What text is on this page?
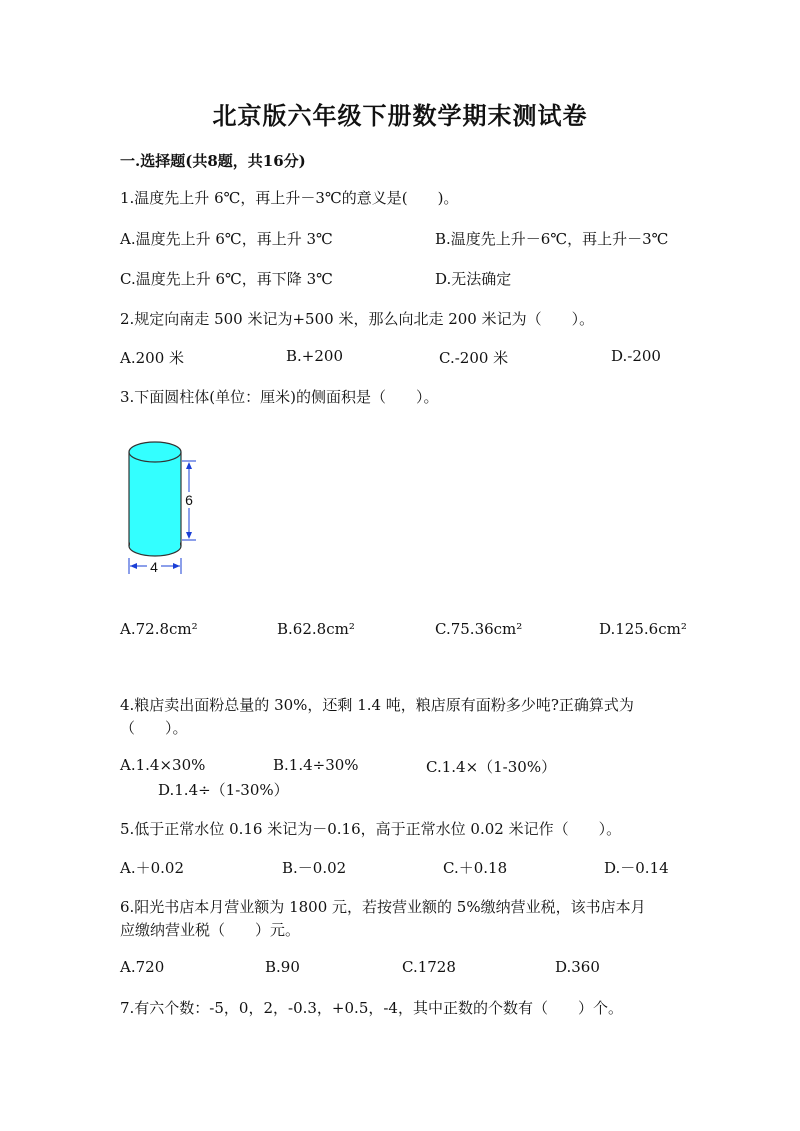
北京版六年级下册数学期末测试卷
一.选择题(共8题，共16分)
1.温度先上升 6℃，再上升－3℃的意义是(　　)。
A.温度先上升 6℃，再上升 3℃	B.温度先上升－6℃，再上升－3℃
C.温度先上升 6℃，再下降 3℃	D.无法确定
2.规定向南走 500 米记为+500 米，那么向北走 200 米记为（　　）。
A.200 米	B.+200	C.-200 米	D.-200
3.下面圆柱体(单位：厘米)的侧面积是（　　）。
6
4
A.72.8cm²	B.62.8cm²	C.75.36cm²	D.125.6cm²
4.粮店卖出面粉总量的 30%，还剩 1.4 吨，粮店原有面粉多少吨?正确算式为
（　　）。
A.1.4×30%	B.1.4÷30%	C.1.4×（1-30%）
D.1.4÷（1-30%）
5.低于正常水位 0.16 米记为－0.16，高于正常水位 0.02 米记作（　　）。
A.＋0.02	B.－0.02	C.＋0.18	D.－0.14
6.阳光书店本月营业额为 1800 元，若按营业额的 5%缴纳营业税，该书店本月
应缴纳营业税（　　）元。
A.720	B.90	C.1728	D.360
7.有六个数：-5，0，2，-0.3，+0.5，-4，其中正数的个数有（　　）个。
